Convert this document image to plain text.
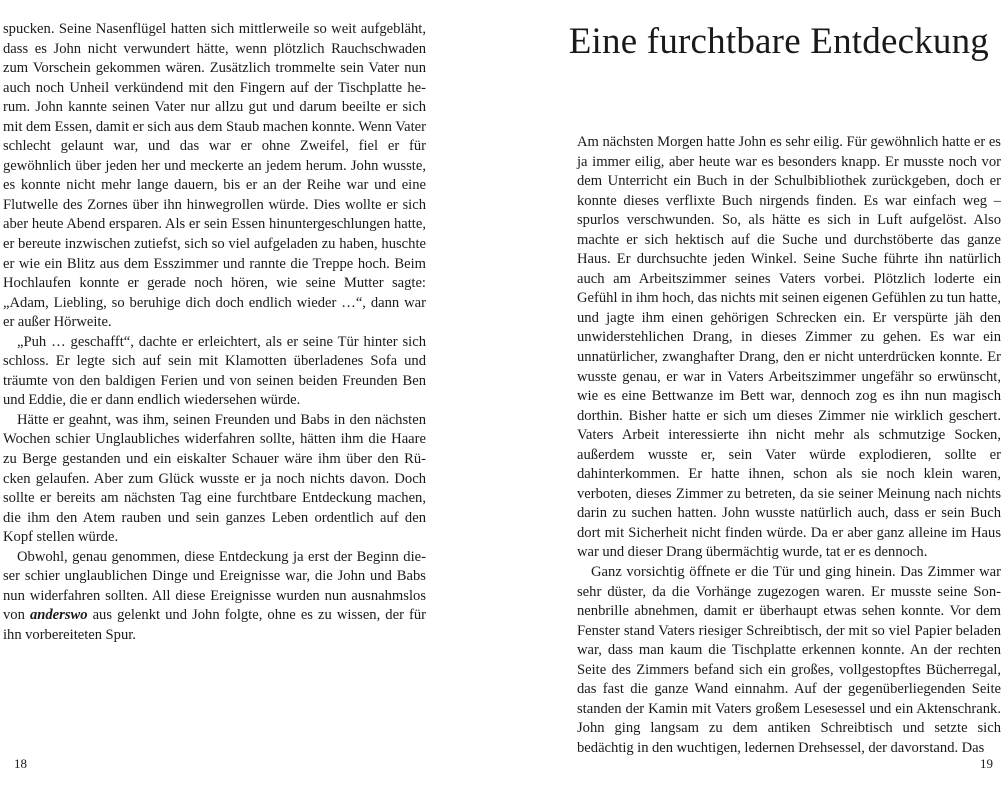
spucken. Seine Nasenflügel hatten sich mittlerweile so weit aufgebläht, dass es John nicht verwundert hätte, wenn plötzlich Rauchschwaden zum Vorschein gekommen wären. Zusätzlich trommelte sein Vater nun auch noch Unheil verkündend mit den Fingern auf der Tischplatte herum. John kannte seinen Vater nur allzu gut und darum beeilte er sich mit dem Essen, damit er sich aus dem Staub machen konnte. Wenn Vater schlecht gelaunt war, und das war er ohne Zweifel, fiel er für gewöhnlich über jeden her und meckerte an jedem herum. John wusste, es konnte nicht mehr lange dauern, bis er an der Reihe war und eine Flutwelle des Zornes über ihn hinwegrollen würde. Dies wollte er sich aber heute Abend ersparen. Als er sein Essen hinuntergeschlungen hatte, er bereute inzwischen zutiefst, sich so viel aufgeladen zu haben, huschte er wie ein Blitz aus dem Esszimmer und rannte die Treppe hoch. Beim Hochlaufen konnte er gerade noch hören, wie seine Mutter sagte: „Adam, Liebling, so beruhige dich doch endlich wieder …“, dann war er außer Hörweite.

„Puh … geschafft“, dachte er erleichtert, als er seine Tür hinter sich schloss. Er legte sich auf sein mit Klamotten überladenes Sofa und träumte von den baldigen Ferien und von seinen beiden Freunden Ben und Eddie, die er dann endlich wiedersehen würde.

Hätte er geahnt, was ihm, seinen Freunden und Babs in den nächsten Wochen schier Unglaubliches widerfahren sollte, hätten ihm die Haare zu Berge gestanden und ein eiskalter Schauer wäre ihm über den Rücken gelaufen. Aber zum Glück wusste er ja noch nichts davon. Doch sollte er bereits am nächsten Tag eine furchtbare Entdeckung machen, die ihm den Atem rauben und sein ganzes Leben ordentlich auf den Kopf stellen würde.

Obwohl, genau genommen, diese Entdeckung ja erst der Beginn dieser schier unglaublichen Dinge und Ereignisse war, die John und Babs nun widerfahren sollten. All diese Ereignisse wurden nun ausnahmslos von anderswo aus gelenkt und John folgte, ohne es zu wissen, der für ihn vorbereiteten Spur.

18
Eine furchtbare Entdeckung

Am nächsten Morgen hatte John es sehr eilig. Für gewöhnlich hatte er es ja immer eilig, aber heute war es besonders knapp. Er musste noch vor dem Unterricht ein Buch in der Schulbibliothek zurückgeben, doch er konnte dieses verflixte Buch nirgends finden. Es war einfach weg – spurlos verschwunden. So, als hätte es sich in Luft aufgelöst. Also machte er sich hektisch auf die Suche und durchstöberte das ganze Haus. Er durchsuchte jeden Winkel. Seine Suche führte ihn natürlich auch am Arbeitszimmer seines Vaters vorbei. Plötzlich loderte ein Gefühl in ihm hoch, das nichts mit seinen eigenen Gefühlen zu tun hatte, und jagte ihm einen gehörigen Schrecken ein. Er verspürte jäh den unwiderstehlichen Drang, in dieses Zimmer zu gehen. Es war ein unnatürlicher, zwanghafter Drang, den er nicht unterdrücken konnte. Er wusste genau, er war in Vaters Arbeitszimmer ungefähr so erwünscht, wie es eine Bettwanze im Bett war, dennoch zog es ihn nun magisch dorthin. Bisher hatte er sich um dieses Zimmer nie wirklich geschert. Vaters Arbeit interessierte ihn nicht mehr als schmutzige Socken, außerdem wusste er, sein Vater würde explodieren, sollte er dahinterkommen. Er hatte ihnen, schon als sie noch klein waren, verboten, dieses Zimmer zu betreten, da sie seiner Meinung nach nichts darin zu suchen hatten. John wusste natürlich auch, dass er sein Buch dort mit Sicherheit nicht finden würde. Da er aber ganz alleine im Haus war und dieser Drang übermächtig wurde, tat er es dennoch.

Ganz vorsichtig öffnete er die Tür und ging hinein. Das Zimmer war sehr düster, da die Vorhänge zugezogen waren. Er musste seine Sonnenbrille abnehmen, damit er überhaupt etwas sehen konnte. Vor dem Fenster stand Vaters riesiger Schreibtisch, der mit so viel Papier beladen war, dass man kaum die Tischplatte erkennen konnte. An der rechten Seite des Zimmers befand sich ein großes, vollgestopftes Bücherregal, das fast die ganze Wand einnahm. Auf der gegenüberliegenden Seite standen der Kamin mit Vaters großem Lesesessel und ein Aktenschrank. John ging langsam zu dem antiken Schreibtisch und setzte sich bedächtig in den wuchtigen, ledernen Drehsessel, der davorstand. Das

19
